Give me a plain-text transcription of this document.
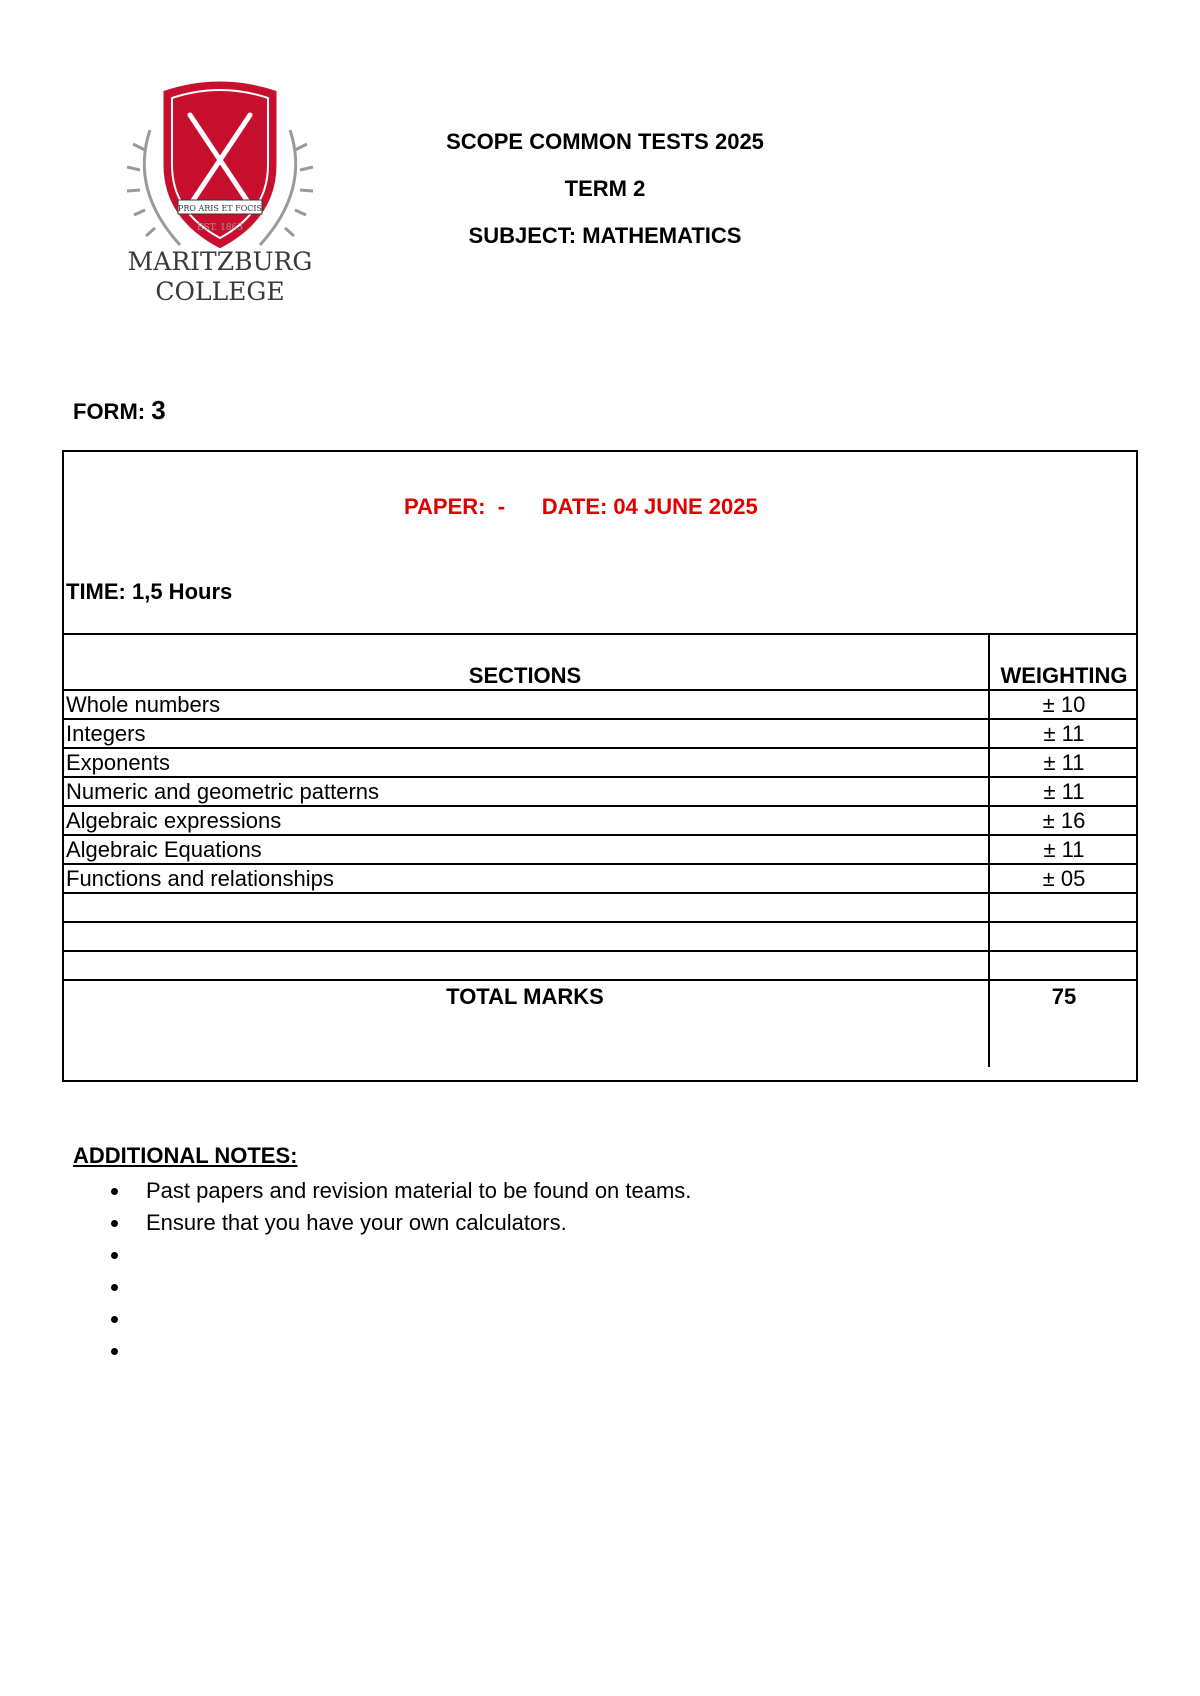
PRO ARIS ET FOCIS
EST. 1863
MARITZBURG
COLLEGE
SCOPE COMMON TESTS 2025
TERM 2
SUBJECT: MATHEMATICS
FORM: 3
PAPER:  - DATE: 04 JUNE 2025
TIME: 1,5 Hours
SECTIONS	WEIGHTING
Whole numbers	± 10
Integers	± 11
Exponents	± 11
Numeric and geometric patterns	± 11
Algebraic expressions	± 16
Algebraic Equations	± 11
Functions and relationships	± 05

TOTAL MARKS	75
ADDITIONAL NOTES:
Past papers and revision material to be found on teams.
Ensure that you have your own calculators.
